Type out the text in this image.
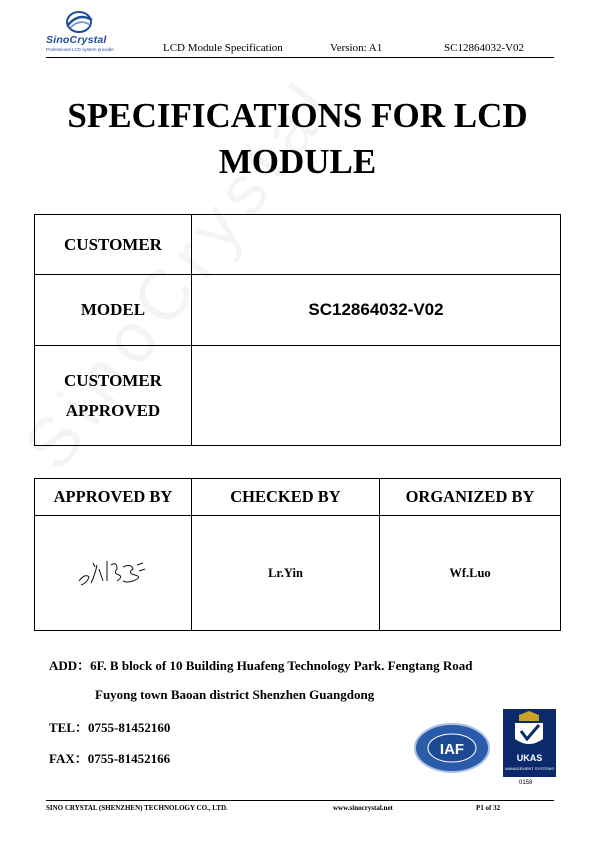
SinoCrystal
Professional LCD system provider	LCD Module Specification	Version: A1	SC12864032-V02
SPECIFICATIONS FOR LCD
MODULE
CUSTOMER	
MODEL	SC12864032-V02

CUSTOMER
APPROVED	

APPROVED BY	CHECKED BY	ORGANIZED BY
	Lr.Yin	Wf.Luo
ADD：6F. B block of 10 Building Huafeng Technology Park. Fengtang Road
Fuyong town Baoan district Shenzhen Guangdong
TEL：0755-81452160
FAX：0755-81452166
IAF	UKAS
MANAGEMENT SYSTEMS
0158
SINO CRYSTAL (SHENZHEN) TECHNOLOGY CO., LTD.	www.sinocrystal.net	P1 of 32
